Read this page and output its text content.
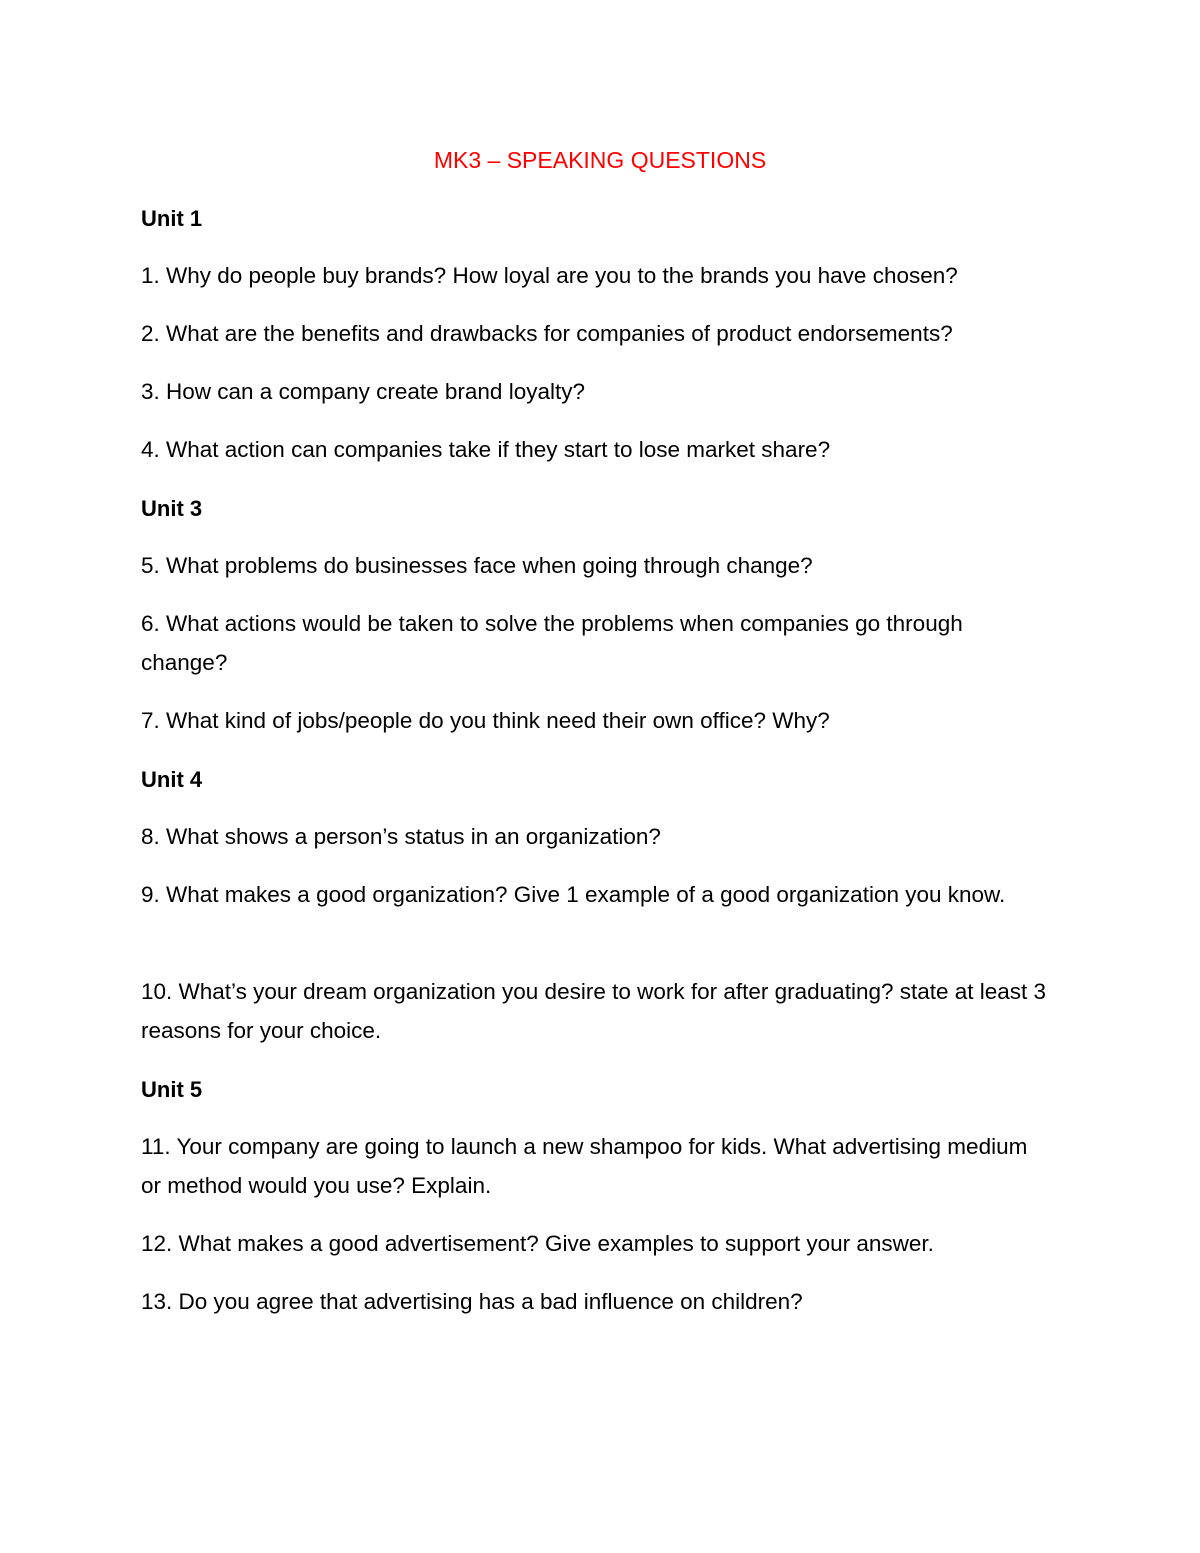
MK3 – SPEAKING QUESTIONS
Unit 1
1. Why do people buy brands? How loyal are you to the brands you have chosen?
2. What are the benefits and drawbacks for companies of product endorsements?
3. How can a company create brand loyalty?
4. What action can companies take if they start to lose market share?
Unit 3
5. What problems do businesses face when going through change?
6. What actions would be taken to solve the problems when companies go through change?
7. What kind of jobs/people do you think need their own office? Why?
Unit 4
8. What shows a person’s status in an organization?
9. What makes a good organization? Give 1 example of a good organization you know.
10. What’s your dream organization you desire to work for after graduating? state at least 3 reasons for your choice.
Unit 5
11. Your company are going to launch a new shampoo for kids. What advertising medium or method would you use? Explain.
12. What makes a good advertisement? Give examples to support your answer.
13. Do you agree that advertising has a bad influence on children?
